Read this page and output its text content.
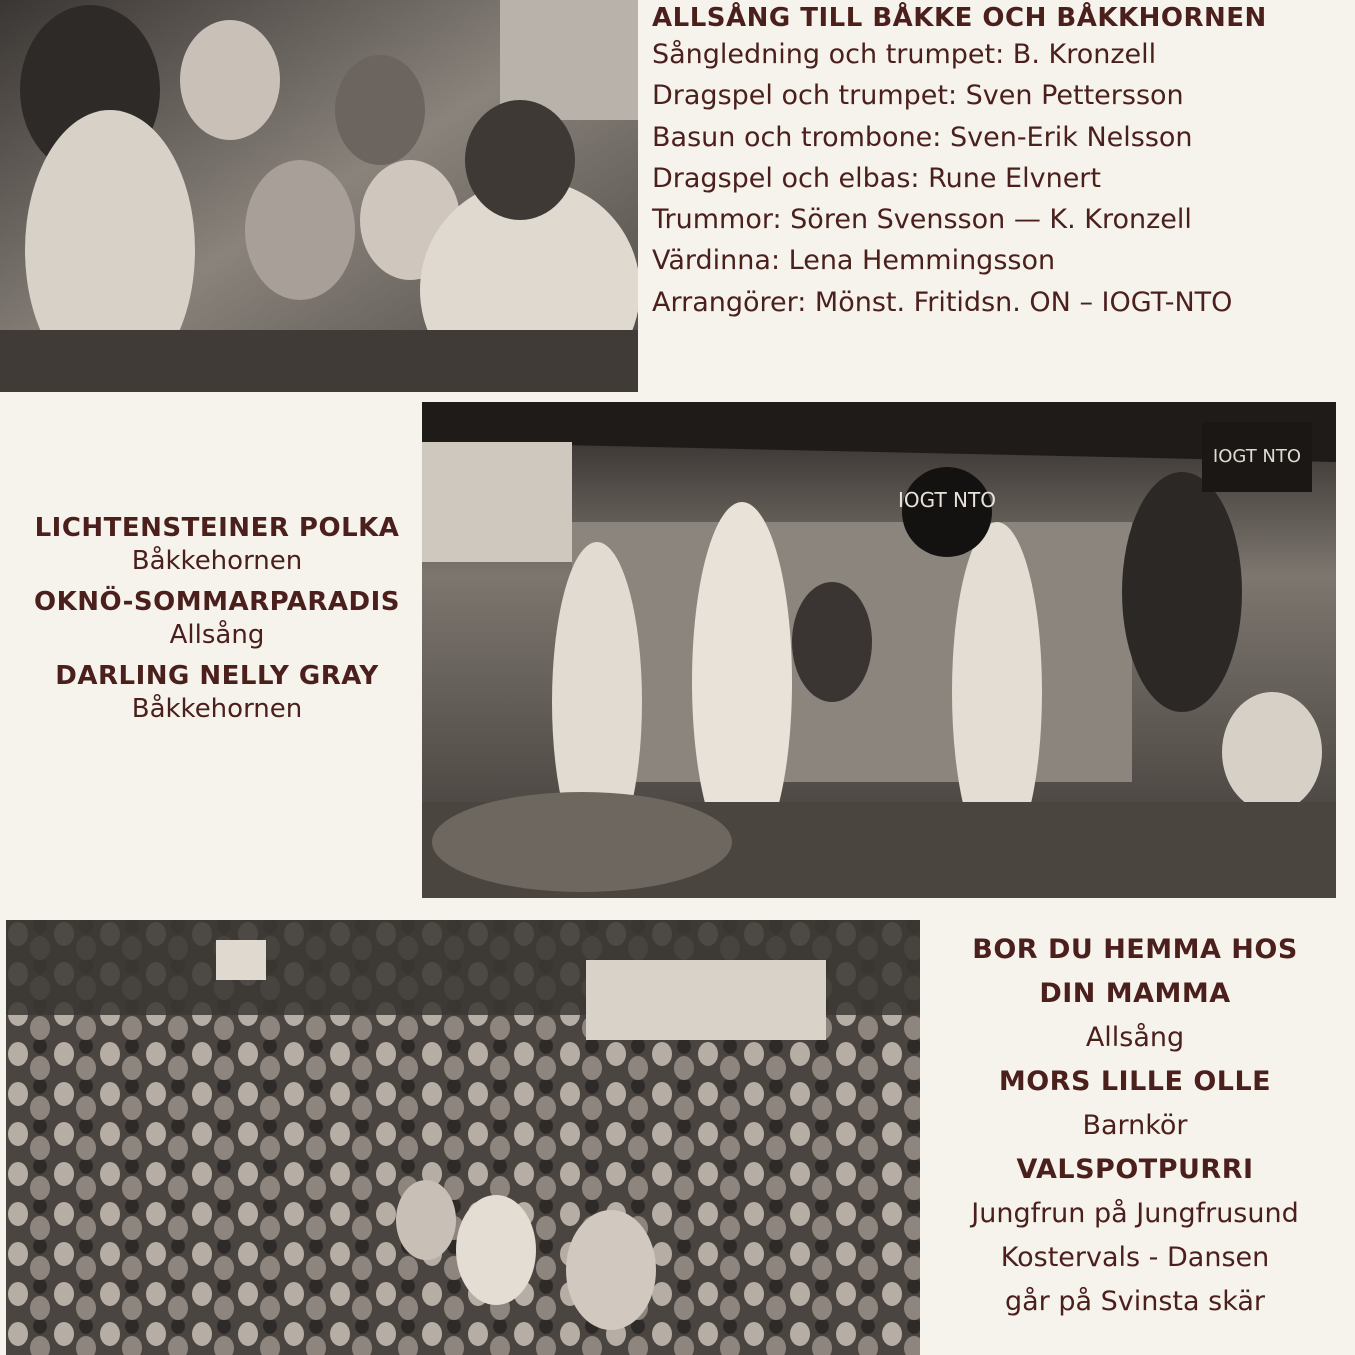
ALLSÅNG TILL BÅKKE OCH BÅKKHORNEN
Sångledning och trumpet: B. Kronzell
Dragspel och trumpet: Sven Pettersson
Basun och trombone: Sven-Erik Nelsson
Dragspel och elbas: Rune Elvnert
Trummor: Sören Svensson — K. Kronzell
Värdinna: Lena Hemmingsson
Arrangörer: Mönst. Fritidsn. ON – IOGT-NTO
LICHTENSTEINER POLKA
Båkkehornen
OKNÖ-SOMMARPARADIS
Allsång
DARLING NELLY GRAY
Båkkehornen
IOGT NTO
IOGT NTO
BOR DU HEMMA HOS
DIN MAMMA
Allsång
MORS LILLE OLLE
Barnkör
VALSPOTPURRI
Jungfrun på Jungfrusund
Kostervals - Dansen
går på Svinsta skär
